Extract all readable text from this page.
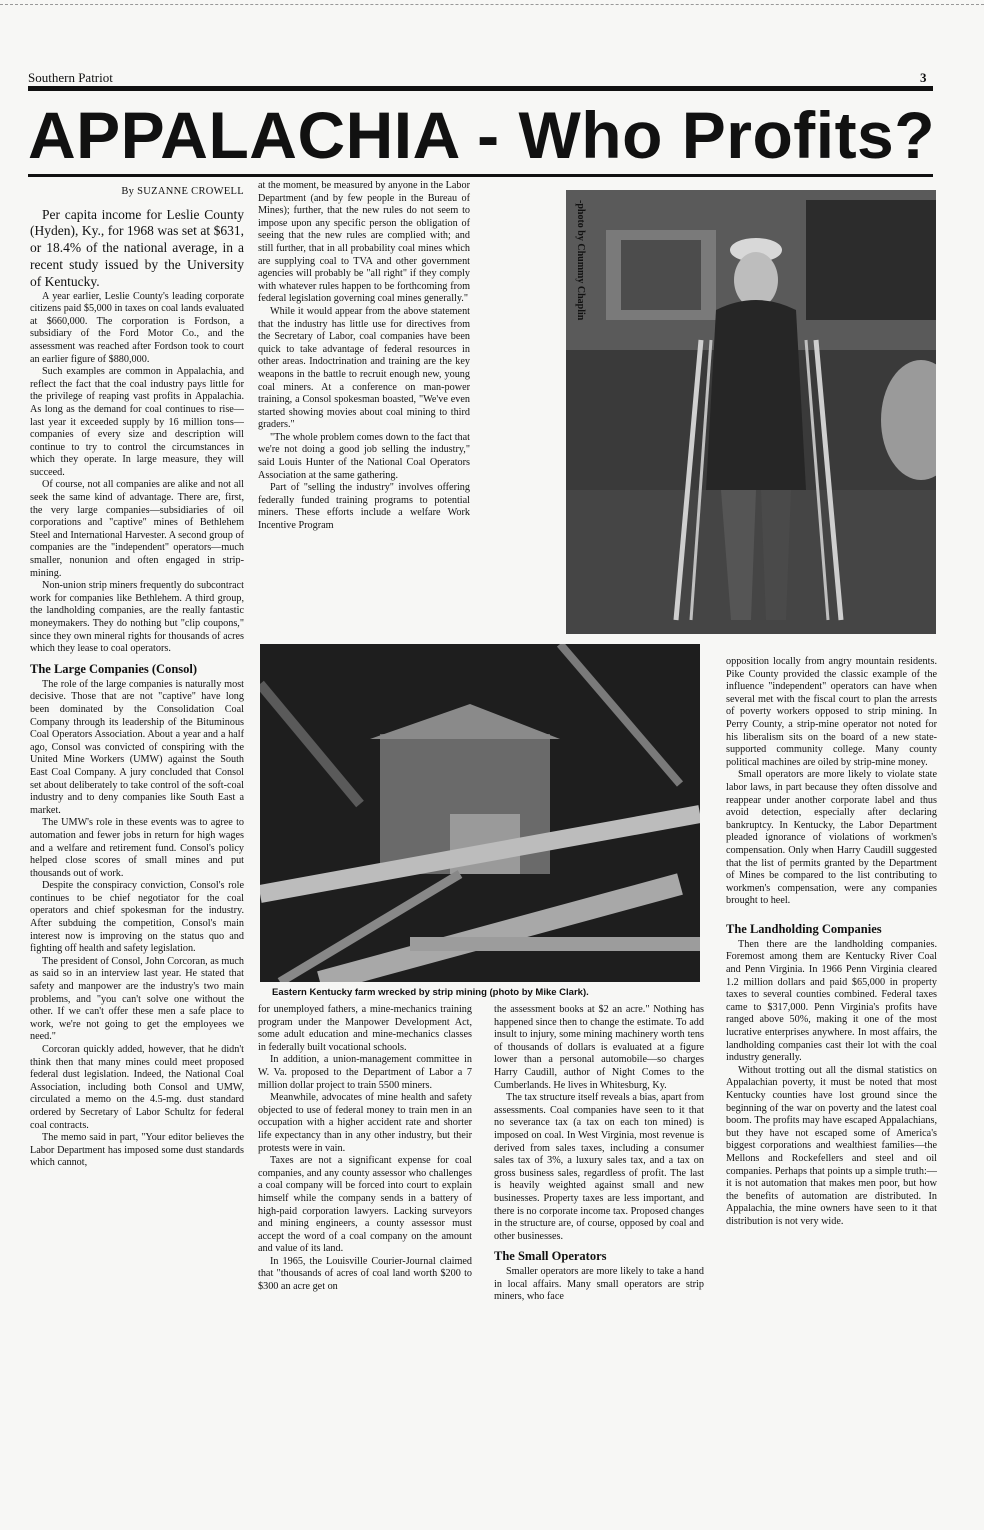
Southern Patriot	3
APPALACHIA - Who Profits?
By SUZANNE CROWELL

Per capita income for Leslie County (Hyden), Ky., for 1968 was set at $631, or 18.4% of the national average, in a recent study issued by the University of Kentucky.

A year earlier, Leslie County's leading corporate citizens paid $5,000 in taxes on coal lands evaluated at $660,000. The corporation is Fordson, a subsidiary of the Ford Motor Co., and the assessment was reached after Fordson took to court an earlier figure of $880,000.

Such examples are common in Appalachia, and reflect the fact that the coal industry pays little for the privilege of reaping vast profits in Appalachia. As long as the demand for coal continues to rise—last year it exceeded supply by 16 million tons—companies of every size and description will continue to try to control the circumstances in which they operate. In large measure, they will succeed.

Of course, not all companies are alike and not all seek the same kind of advantage. There are, first, the very large companies—subsidiaries of oil corporations and "captive" mines of Bethlehem Steel and International Harvester. A second group of companies are the "independent" operators—much smaller, nonunion and often engaged in strip-mining.

Non-union strip miners frequently do subcontract work for companies like Bethlehem. A third group, the landholding companies, are the really fantastic moneymakers. They do nothing but "clip coupons," since they own mineral rights for thousands of acres which they lease to coal operators.

The Large Companies (Consol)

The role of the large companies is naturally most decisive. Those that are not "captive" have long been dominated by the Consolidation Coal Company through its leadership of the Bituminous Coal Operators Association. About a year and a half ago, Consol was convicted of conspiring with the United Mine Workers (UMW) against the South East Coal Company. A jury concluded that Consol set about deliberately to take control of the soft-coal industry and to deny companies like South East a market.

The UMW's role in these events was to agree to automation and fewer jobs in return for high wages and a welfare and retirement fund. Consol's policy helped close scores of small mines and put thousands out of work.

Despite the conspiracy conviction, Consol's role continues to be chief negotiator for the coal operators and chief spokesman for the industry. After subduing the competition, Consol's main interest now is improving on the status quo and fighting off health and safety legislation.

The president of Consol, John Corcoran, as much as said so in an interview last year. He stated that safety and manpower are the industry's two main problems, and "you can't solve one without the other. If we can't offer these men a safe place to work, we're not going to get the employees we need."

Corcoran quickly added, however, that he didn't think then that many mines could meet proposed federal dust legislation. Indeed, the National Coal Association, including both Consol and UMW, circulated a memo on the 4.5-mg. dust standard ordered by Secretary of Labor Schultz for federal coal contracts.

The memo said in part, "Your editor believes the Labor Department has imposed some dust standards which cannot,

at the moment, be measured by anyone in the Labor Department (and by few people in the Bureau of Mines); further, that the new rules do not seem to impose upon any specific person the obligation of seeing that the new rules are complied with; and still further, that in all probability coal mines which are supplying coal to TVA and other government agencies will probably be "all right" if they comply with whatever rules happen to be forthcoming from federal legislation governing coal mines generally."

While it would appear from the above statement that the industry has little use for directives from the Secretary of Labor, coal companies have been quick to take advantage of federal resources in other areas. Indoctrination and training are the key weapons in the battle to recruit enough new, young coal miners. At a conference on man-power training, a Consol spokesman boasted, "We've even started showing movies about coal mining to third graders."

"The whole problem comes down to the fact that we're not doing a good job selling the industry," said Louis Hunter of the National Coal Operators Association at the same gathering.

Part of "selling the industry" involves offering federally funded training programs to potential miners. These efforts include a welfare Work Incentive Program

-photo by Chummy Chaplin
Eastern Kentucky farm wrecked by strip mining (photo by Mike Clark).

opposition locally from angry mountain residents. Pike County provided the classic example of the influence "independent" operators can have when several met with the fiscal court to plan the arrests of poverty workers opposed to strip mining. In Perry County, a strip-mine operator not noted for his liberalism sits on the board of a new state-supported community college. Many county political machines are oiled by strip-mine money.

Small operators are more likely to violate state labor laws, in part because they often dissolve and reappear under another corporate label and thus avoid detection, especially after declaring bankruptcy. In Kentucky, the Labor Department pleaded ignorance of violations of workmen's compensation. Only when Harry Caudill suggested that the list of permits granted by the Department of Mines be compared to the list contributing to workmen's compensation, were any companies brought to heel.

The Landholding Companies

Then there are the landholding companies. Foremost among them are Kentucky River Coal and Penn Virginia. In 1966 Penn Virginia cleared 1.2 million dollars and paid $65,000 in property taxes to several counties combined. Federal taxes came to $317,000. Penn Virginia's profits have ranged above 50%, making it one of the most lucrative enterprises anywhere. In most affairs, the landholding companies cast their lot with the coal industry generally.

Without trotting out all the dismal statistics on Appalachian poverty, it must be noted that most Kentucky counties have lost ground since the beginning of the war on poverty and the latest coal boom. The profits may have escaped Appalachians, but they have not escaped some of America's biggest corporations and wealthiest families—the Mellons and Rockefellers and steel and oil companies. Perhaps that points up a simple truth:—it is not automation that makes men poor, but how the benefits of automation are distributed. In Appalachia, the mine owners have seen to it that distribution is not very wide.

for unemployed fathers, a mine-mechanics training program under the Manpower Development Act, some adult education and mine-mechanics classes in federally built vocational schools.

In addition, a union-management committee in W. Va. proposed to the Department of Labor a 7 million dollar project to train 5500 miners.

Meanwhile, advocates of mine health and safety objected to use of federal money to train men in an occupation with a higher accident rate and shorter life expectancy than in any other industry, but their protests were in vain.

Taxes are not a significant expense for coal companies, and any county assessor who challenges a coal company will be forced into court to explain himself while the company sends in a battery of high-paid corporation lawyers. Lacking surveyors and mining engineers, a county assessor must accept the word of a coal company on the amount and value of its land.

In 1965, the Louisville Courier-Journal claimed that "thousands of acres of coal land worth $200 to $300 an acre get on

the assessment books at $2 an acre." Nothing has happened since then to change the estimate. To add insult to injury, some mining machinery worth tens of thousands of dollars is evaluated at a figure lower than a personal automobile—so charges Harry Caudill, author of Night Comes to the Cumberlands. He lives in Whitesburg, Ky.

The tax structure itself reveals a bias, apart from assessments. Coal companies have seen to it that no severance tax (a tax on each ton mined) is imposed on coal. In West Virginia, most revenue is derived from sales taxes, including a consumer sales tax of 3%, a luxury sales tax, and a tax on gross business sales, regardless of profit. The last is heavily weighted against small and new businesses. Property taxes are less important, and there is no corporate income tax. Proposed changes in the structure are, of course, opposed by coal and other businesses.

The Small Operators

Smaller operators are more likely to take a hand in local affairs. Many small operators are strip miners, who face
